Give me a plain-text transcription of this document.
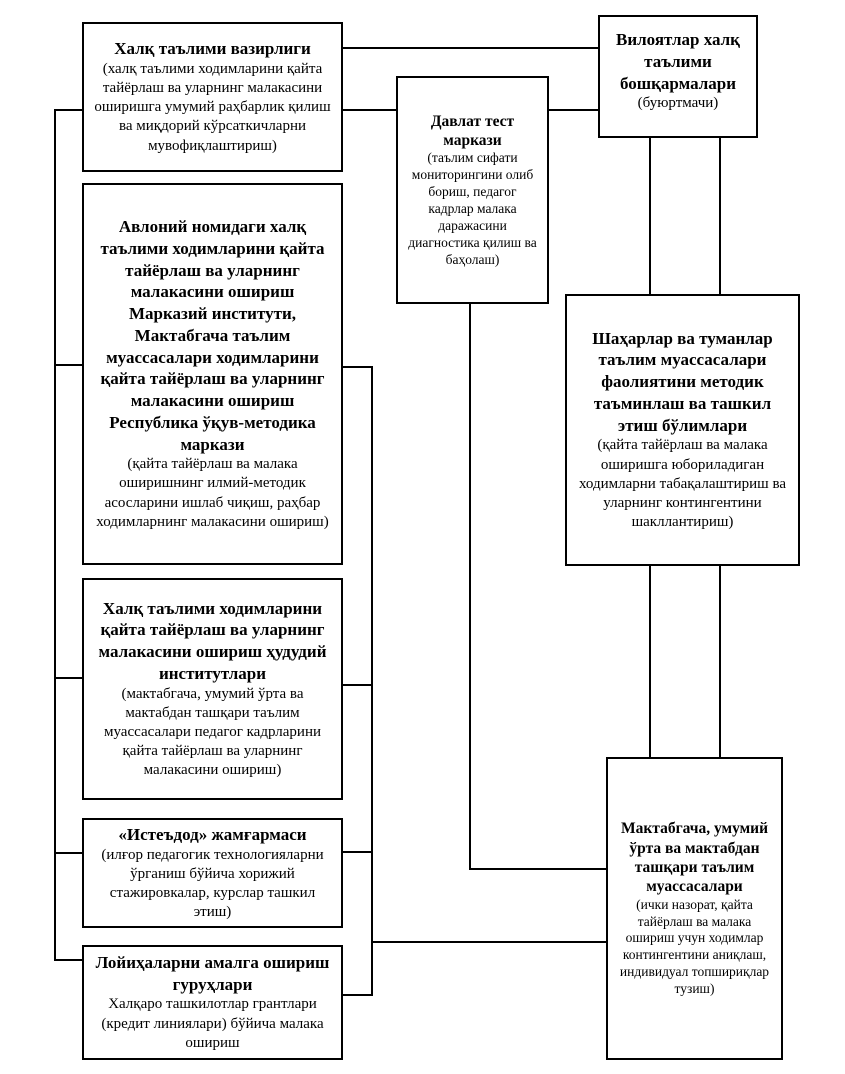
Халқ таълими вазирлиги
(халқ таълими ходимларини қайта тайёрлаш ва уларнинг малакасини оширишга умумий раҳбарлик қилиш ва миқдорий кўрсаткичларни мувофиқлаштириш)
Авлоний номидаги халқ таълими ходимларини қайта тайёрлаш ва уларнинг малакасини ошириш Марказий институти, Мактабгача таълим муассасалари ходимларини қайта тайёрлаш ва уларнинг малакасини ошириш Республика ўқув-методика маркази
(қайта тайёрлаш ва малака оширишнинг илмий-методик асосларини ишлаб чиқиш, раҳбар ходимларнинг малакасини ошириш)
Халқ таълими ходимларини қайта тайёрлаш ва уларнинг малакасини ошириш ҳудудий институтлари
(мактабгача, умумий ўрта ва мактабдан ташқари таълим муассасалари педагог кадрларини қайта тайёрлаш ва уларнинг малакасини ошириш)
«Истеъдод» жамғармаси
(илғор педагогик технологияларни ўрганиш бўйича хорижий стажировкалар, курслар ташкил этиш)
Лойиҳаларни амалга ошириш гуруҳлари
Халқаро ташкилотлар грантлари (кредит линиялари) бўйича малака ошириш
Давлат тест маркази
(таълим сифати мониторингини олиб бориш, педагог кадрлар малака даражасини диагностика қилиш ва баҳолаш)
Вилоятлар халқ таълими бошқармалари
(буюртмачи)
Шаҳарлар ва туманлар таълим муассасалари фаолиятини методик таъминлаш ва ташкил этиш бўлимлари
(қайта тайёрлаш ва малака оширишга юбориладиган ходимларни табақалаштириш ва уларнинг контингентини шакллантириш)
Мактабгача, умумий ўрта ва мактабдан ташқари таълим муассасалари
(ички назорат, қайта тайёрлаш ва малака ошириш учун ходимлар контингентини аниқлаш, индивидуал топшириқлар тузиш)
